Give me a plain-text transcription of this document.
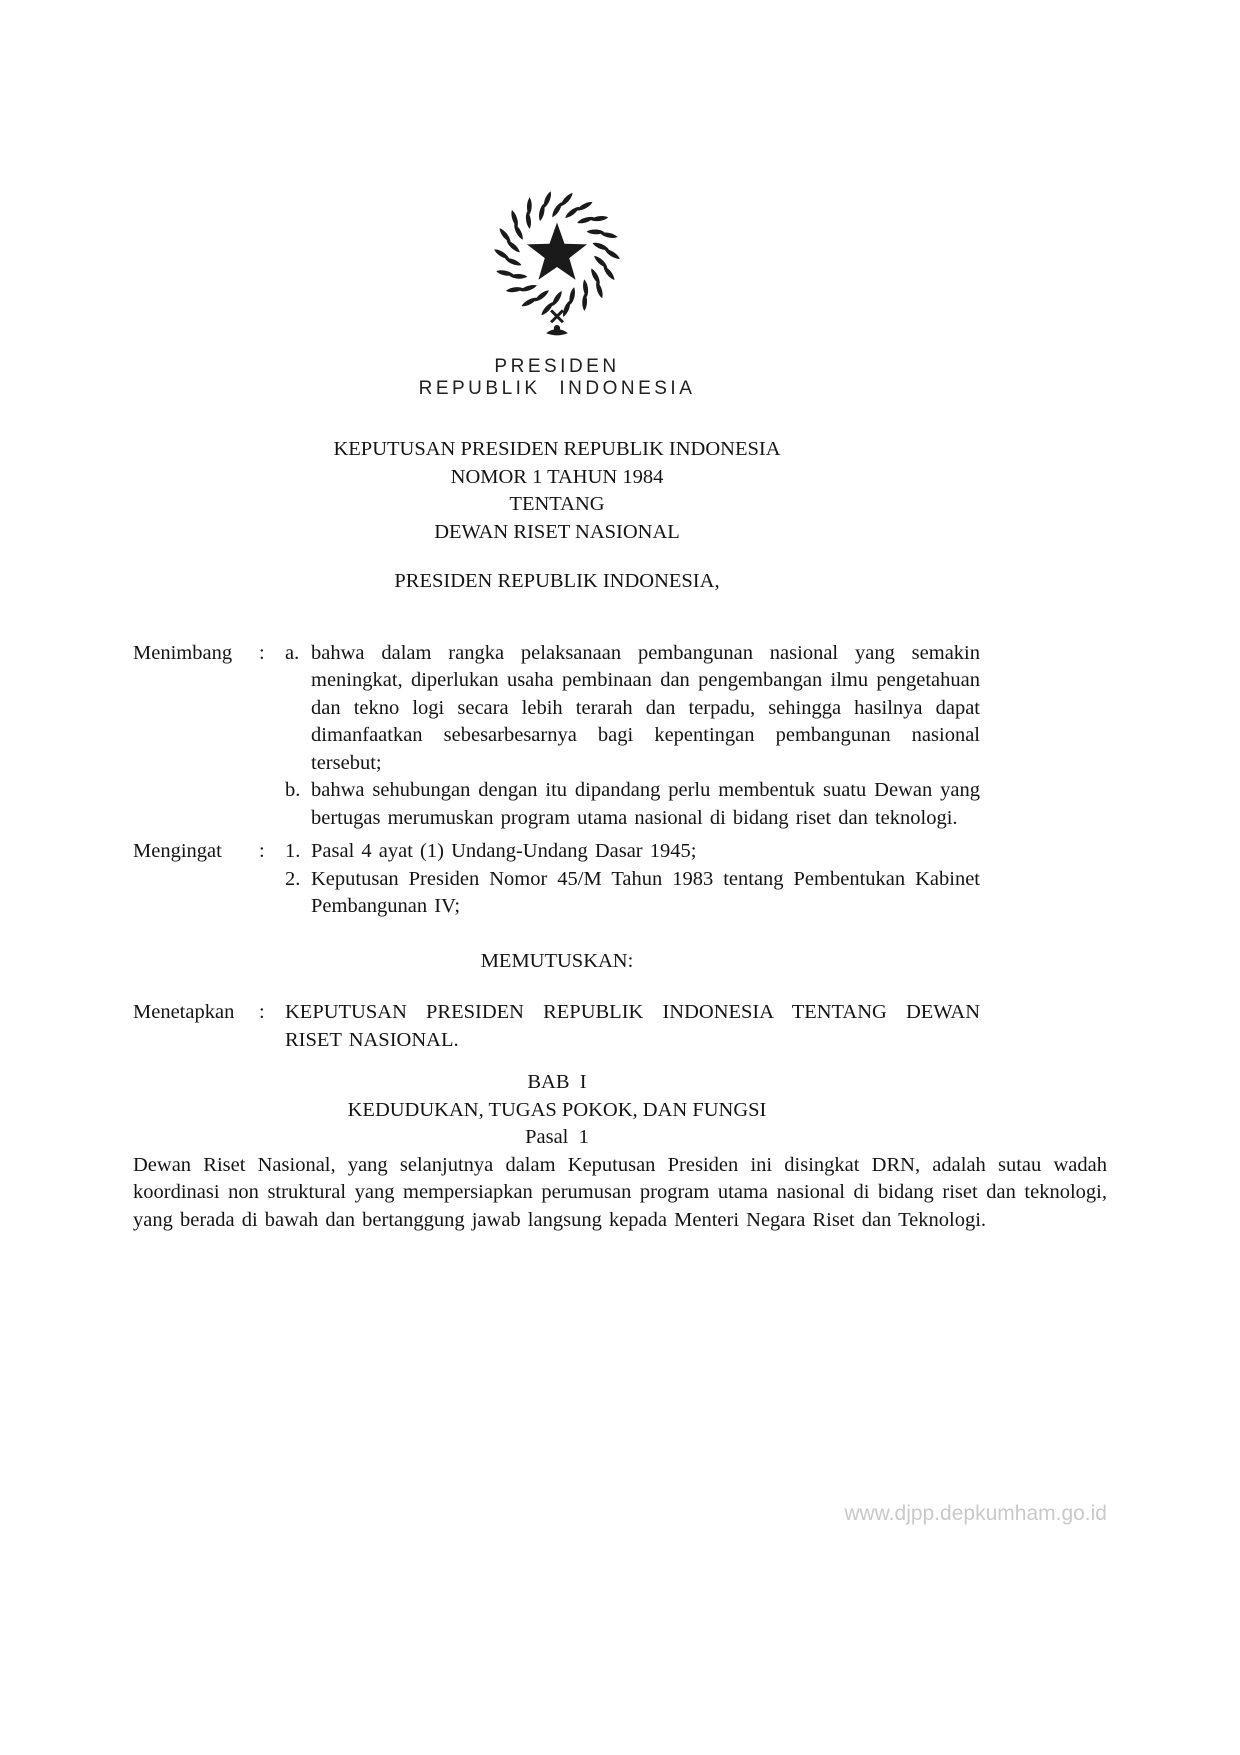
PRESIDEN
REPUBLIK INDONESIA
KEPUTUSAN PRESIDEN REPUBLIK INDONESIA
NOMOR 1 TAHUN 1984
TENTANG
DEWAN RISET NASIONAL
PRESIDEN REPUBLIK INDONESIA,
Menimbang	: a. bahwa dalam rangka pelaksanaan pembangunan nasional yang semakin meningkat, diperlukan usaha pembinaan dan pengembangan ilmu pengetahuan dan tekno logi secara lebih terarah dan terpadu, sehingga hasilnya dapat dimanfaatkan sebesarbesarnya bagi kepentingan pembangunan nasional tersebut;
b. bahwa sehubungan dengan itu dipandang perlu membentuk suatu Dewan yang bertugas merumuskan program utama nasional di bidang riset dan teknologi.
Mengingat	: 1. Pasal 4 ayat (1) Undang-Undang Dasar 1945;
2. Keputusan Presiden Nomor 45/M Tahun 1983 tentang Pembentukan Kabinet Pembangunan IV;
MEMUTUSKAN:
Menetapkan	: KEPUTUSAN PRESIDEN REPUBLIK INDONESIA TENTANG DEWAN RISET NASIONAL.
BAB  I
KEDUDUKAN, TUGAS POKOK, DAN FUNGSI
Pasal  1
Dewan Riset Nasional, yang selanjutnya dalam Keputusan Presiden ini disingkat DRN, adalah sutau wadah koordinasi non struktural yang mempersiapkan perumusan program utama nasional di bidang riset dan teknologi, yang berada di bawah dan bertanggung jawab langsung kepada Menteri Negara Riset dan Teknologi.
www.djpp.depkumham.go.id
